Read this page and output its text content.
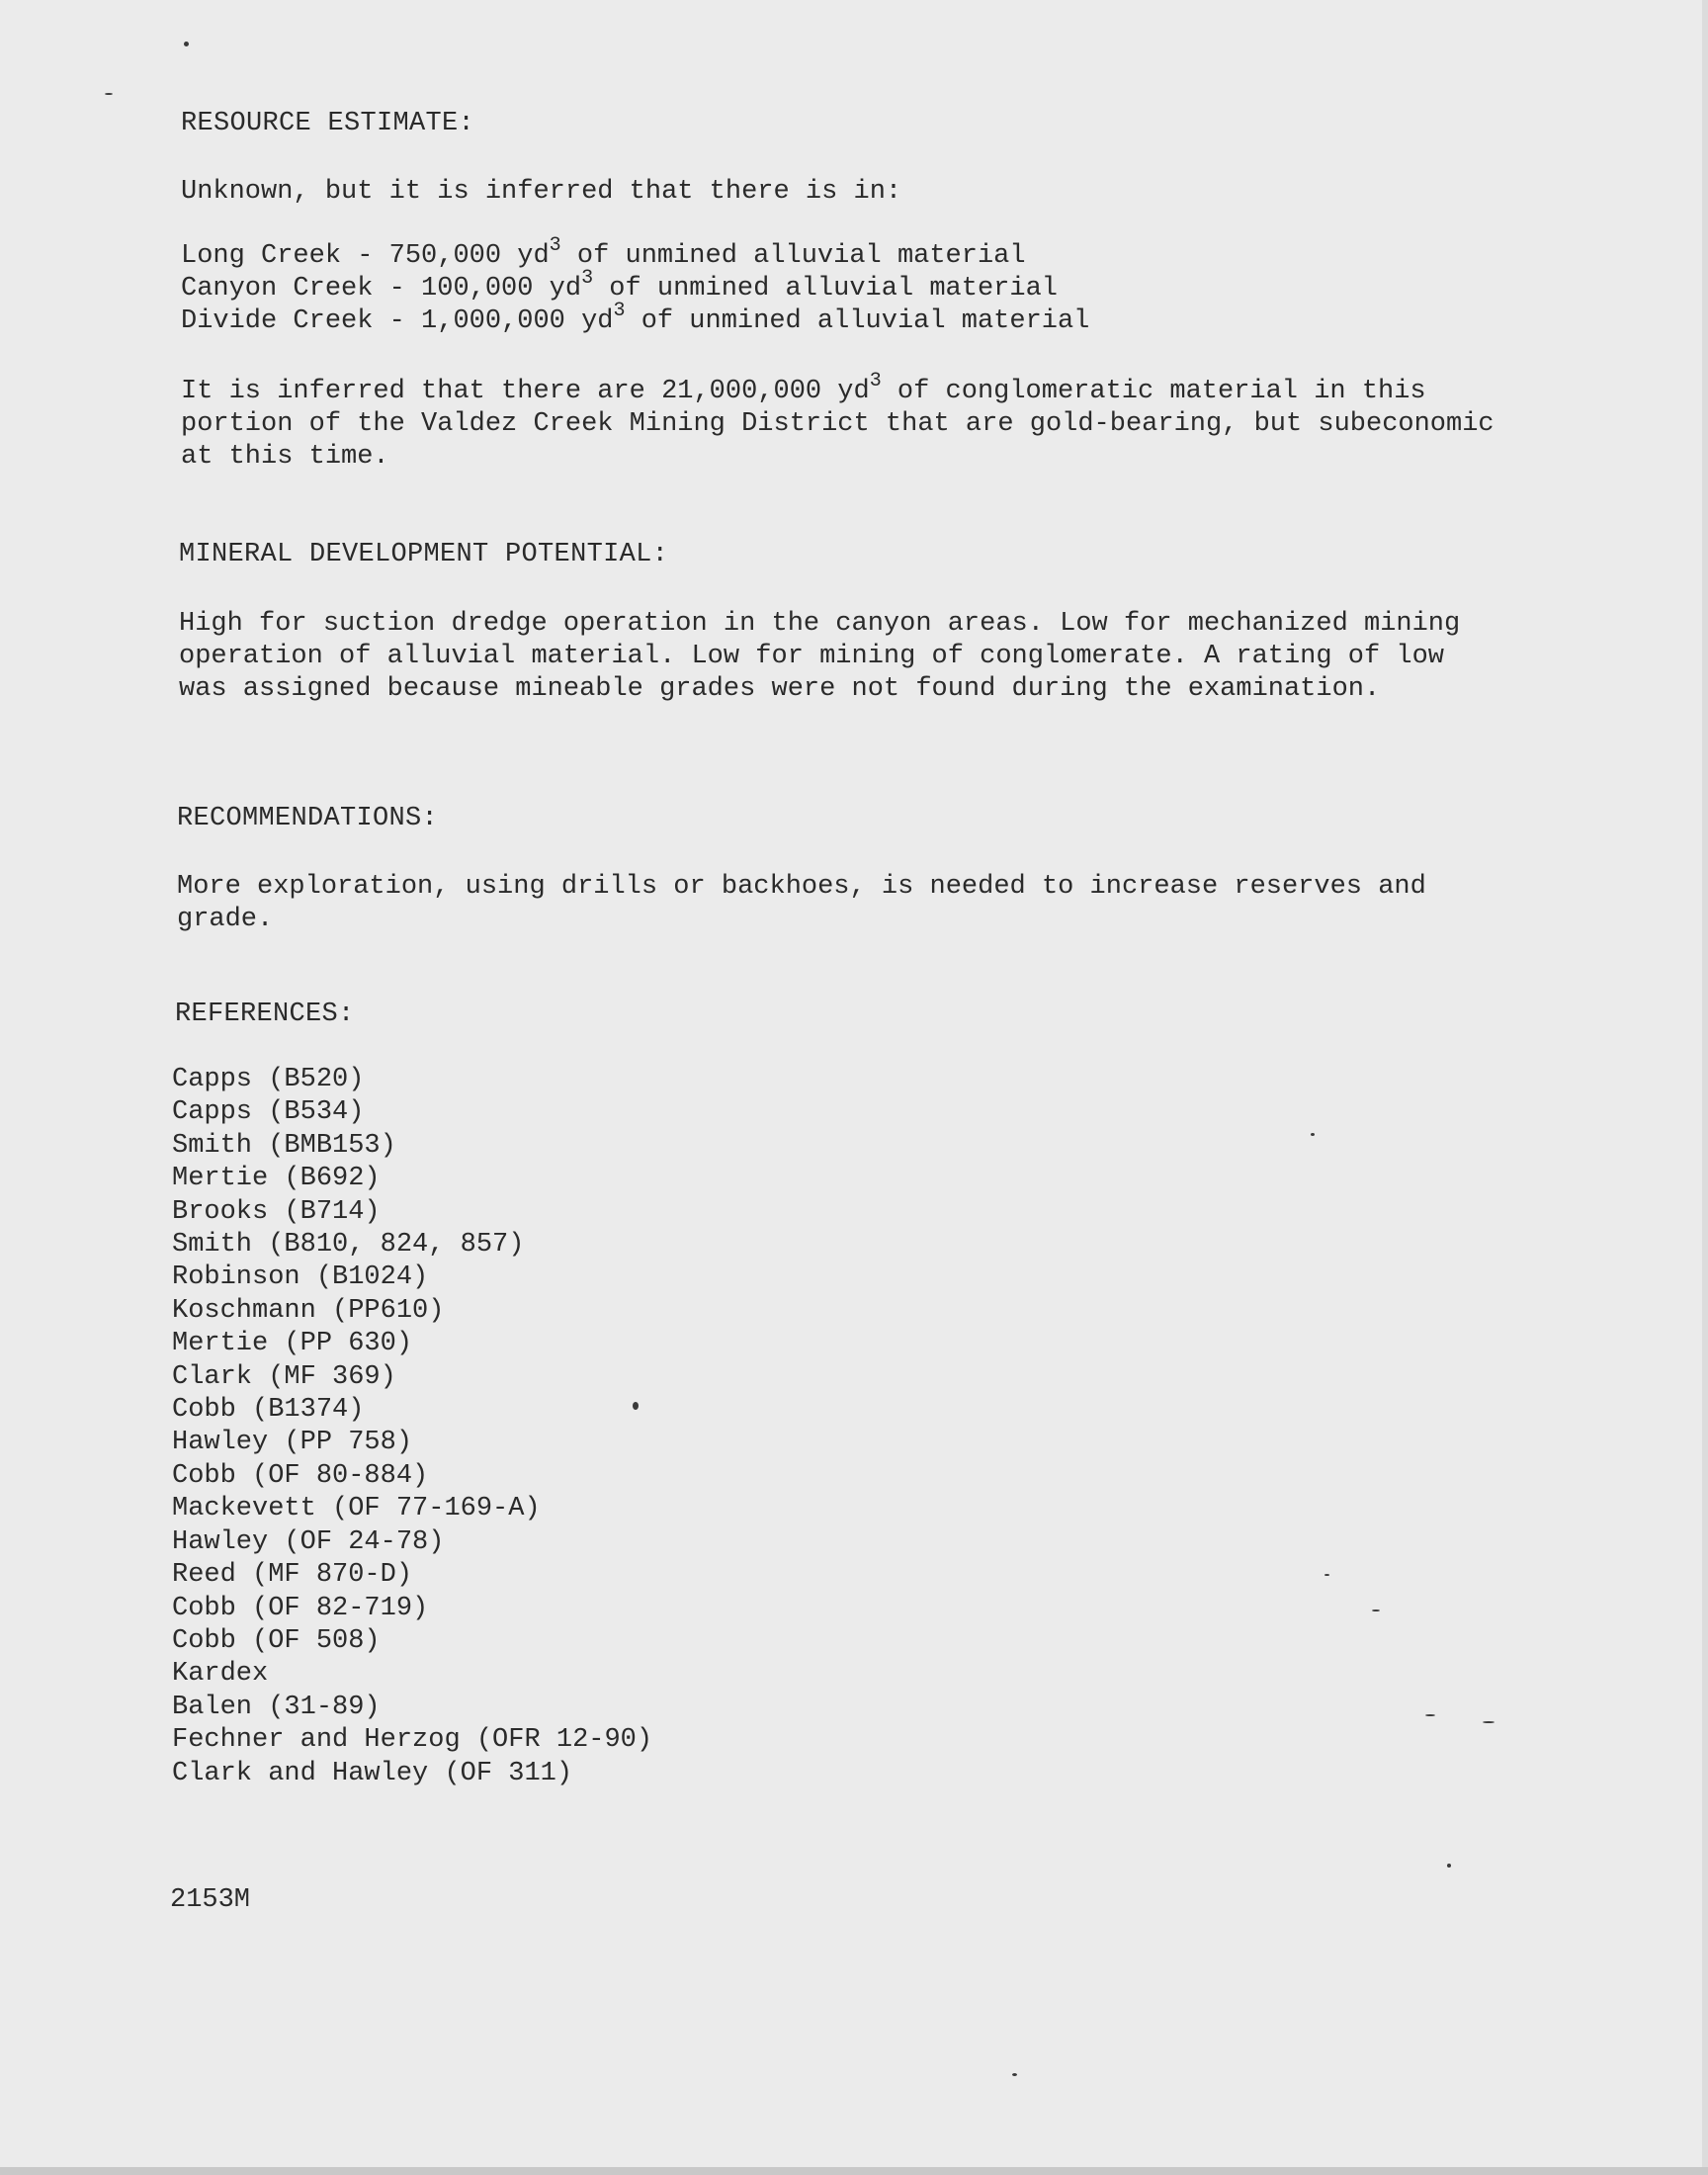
RESOURCE ESTIMATE:
Unknown, but it is inferred that there is in:
Long Creek - 750,000 $yd^3$ of unmined alluvial material
Canyon Creek - 100,000 $yd^3$ of unmined alluvial material
Divide Creek - 1,000,000 $yd^3$ of unmined alluvial material
It is inferred that there are 21,000,000 $yd^3$ of conglomeratic material in this portion of the Valdez Creek Mining District that are gold-bearing, but subeconomic at this time.
MINERAL DEVELOPMENT POTENTIAL:
High for suction dredge operation in the canyon areas. Low for mechanized mining operation of alluvial material. Low for mining of conglomerate. A rating of low was assigned because mineable grades were not found during the examination.
RECOMMENDATIONS:
More exploration, using drills or backhoes, is needed to increase reserves and grade.
REFERENCES:
Capps (B520)
Capps (B534)
Smith (BMB153)
Mertie (B692)
Brooks (B714)
Smith (B810, 824, 857)
Robinson (B1024)
Koschmann (PP610)
Mertie (PP 630)
Clark (MF 369)
Cobb (B1374)
Hawley (PP 758)
Cobb (OF 80-884)
Mackevett (OF 77-169-A)
Hawley (OF 24-78)
Reed (MF 870-D)
Cobb (OF 82-719)
Cobb (OF 508)
Kardex
Balen (31-89)
Fechner and Herzog (OFR 12-90)
Clark and Hawley (OF 311)
2153M
